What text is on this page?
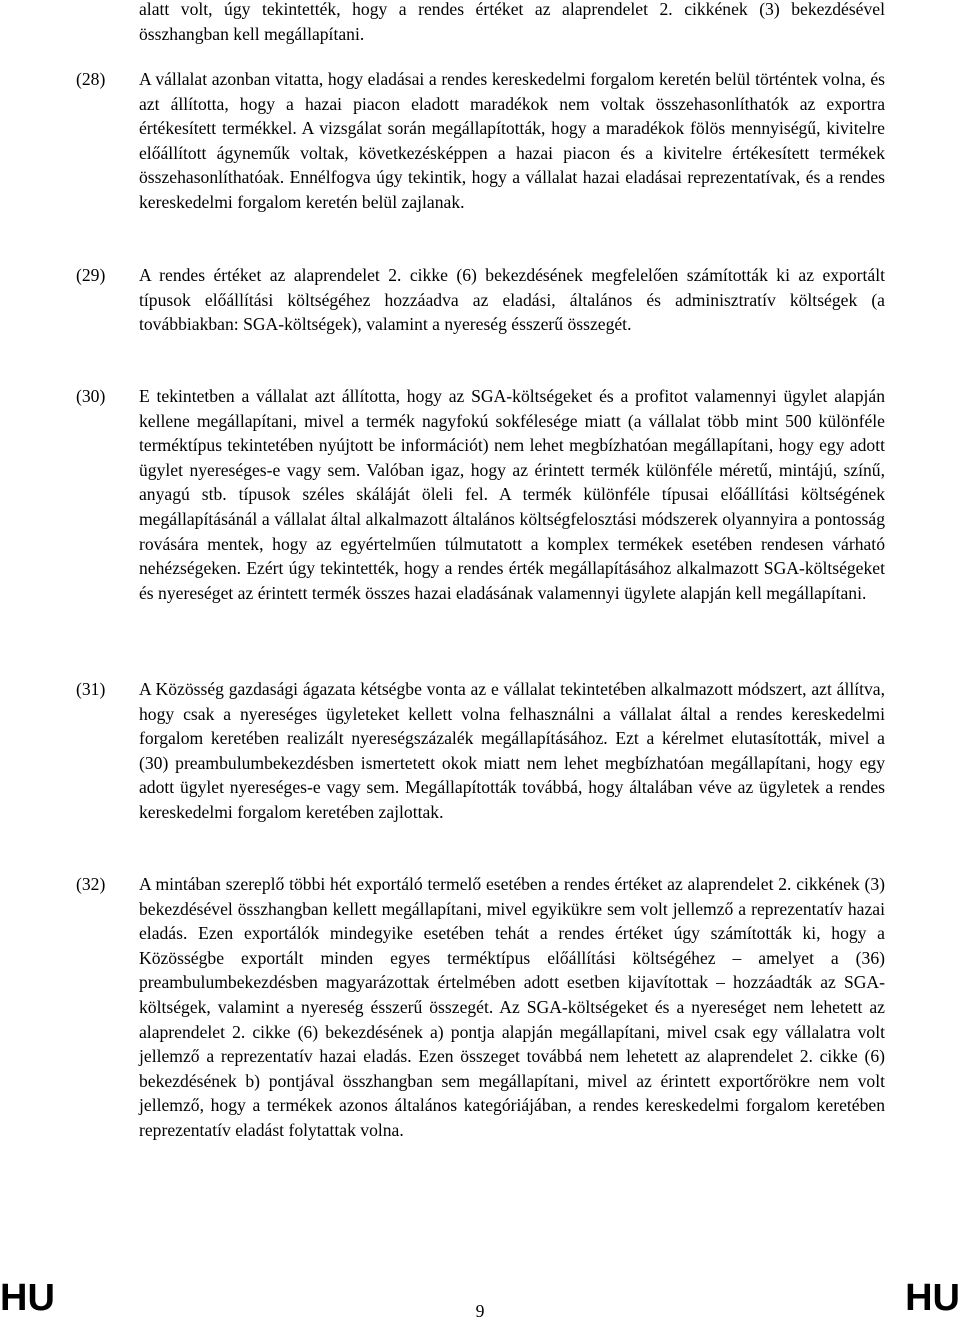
alatt volt, úgy tekintették, hogy a rendes értéket az alaprendelet 2. cikkének (3) bekezdésével összhangban kell megállapítani.

(28) A vállalat azonban vitatta, hogy eladásai a rendes kereskedelmi forgalom keretén belül történtek volna, és azt állította, hogy a hazai piacon eladott maradékok nem voltak összehasonlíthatók az exportra értékesített termékkel. A vizsgálat során megállapították, hogy a maradékok fölös mennyiségű, kivitelre előállított ágyneműk voltak, következésképpen a hazai piacon és a kivitelre értékesített termékek összehasonlíthatóak. Ennélfogva úgy tekintik, hogy a vállalat hazai eladásai reprezentatívak, és a rendes kereskedelmi forgalom keretén belül zajlanak.

(29) A rendes értéket az alaprendelet 2. cikke (6) bekezdésének megfelelően számították ki az exportált típusok előállítási költségéhez hozzáadva az eladási, általános és adminisztratív költségek (a továbbiakban: SGA-költségek), valamint a nyereség ésszerű összegét.

(30) E tekintetben a vállalat azt állította, hogy az SGA-költségeket és a profitot valamennyi ügylet alapján kellene megállapítani, mivel a termék nagyfokú sokfélesége miatt (a vállalat több mint 500 különféle terméktípus tekintetében nyújtott be információt) nem lehet megbízhatóan megállapítani, hogy egy adott ügylet nyereséges-e vagy sem. Valóban igaz, hogy az érintett termék különféle méretű, mintájú, színű, anyagú stb. típusok széles skáláját öleli fel. A termék különféle típusai előállítási költségének megállapításánál a vállalat által alkalmazott általános költségfelosztási módszerek olyannyira a pontosság rovására mentek, hogy az egyértelműen túlmutatott a komplex termékek esetében rendesen várható nehézségeken. Ezért úgy tekintették, hogy a rendes érték megállapításához alkalmazott SGA-költségeket és nyereséget az érintett termék összes hazai eladásának valamennyi ügylete alapján kell megállapítani.

(31) A Közösség gazdasági ágazata kétségbe vonta az e vállalat tekintetében alkalmazott módszert, azt állítva, hogy csak a nyereséges ügyleteket kellett volna felhasználni a vállalat által a rendes kereskedelmi forgalom keretében realizált nyereségszázalék megállapításához. Ezt a kérelmet elutasították, mivel a (30) preambulumbekezdésben ismertetett okok miatt nem lehet megbízhatóan megállapítani, hogy egy adott ügylet nyereséges-e vagy sem. Megállapították továbbá, hogy általában véve az ügyletek a rendes kereskedelmi forgalom keretében zajlottak.

(32) A mintában szereplő többi hét exportáló termelő esetében a rendes értéket az alaprendelet 2. cikkének (3) bekezdésével összhangban kellett megállapítani, mivel egyikükre sem volt jellemző a reprezentatív hazai eladás. Ezen exportálók mindegyike esetében tehát a rendes értéket úgy számították ki, hogy a Közösségbe exportált minden egyes terméktípus előállítási költségéhez – amelyet a (36) preambulumbekezdésben magyarázottak értelmében adott esetben kijavítottak – hozzáadták az SGA-költségek, valamint a nyereség ésszerű összegét. Az SGA-költségeket és a nyereséget nem lehetett az alaprendelet 2. cikke (6) bekezdésének a) pontja alapján megállapítani, mivel csak egy vállalatra volt jellemző a reprezentatív hazai eladás. Ezen összeget továbbá nem lehetett az alaprendelet 2. cikke (6) bekezdésének b) pontjával összhangban sem megállapítani, mivel az érintett exportőrökre nem volt jellemző, hogy a termékek azonos általános kategóriájában, a rendes kereskedelmi forgalom keretében reprezentatív eladást folytattak volna.

HU	9	HU
